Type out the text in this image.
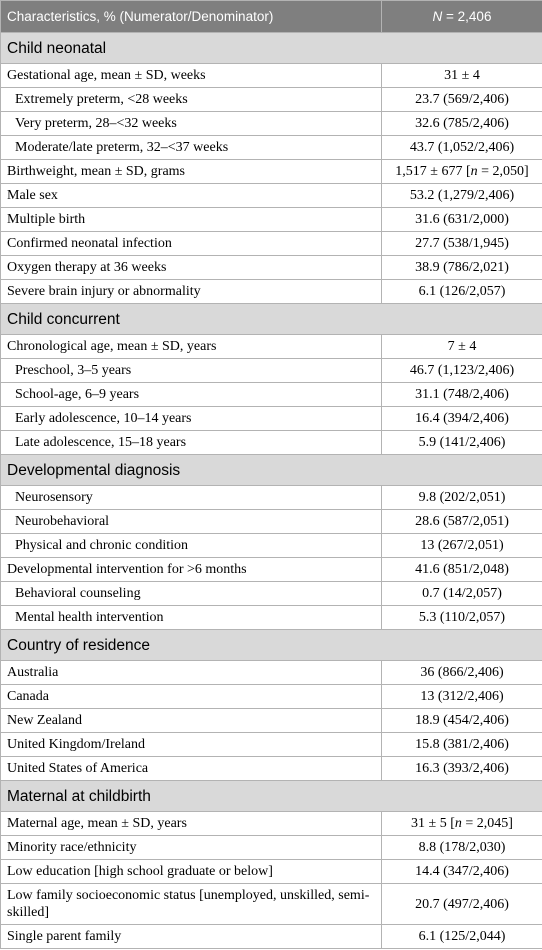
Characteristics, % (Numerator/Denominator)	N = 2,406
Child neonatal	
Gestational age, mean ± SD, weeks	31 ± 4
Extremely preterm, <28 weeks	23.7 (569/2,406)
Very preterm, 28–<32 weeks	32.6 (785/2,406)
Moderate/late preterm, 32–<37 weeks	43.7 (1,052/2,406)
Birthweight, mean ± SD, grams	1,517 ± 677 [n = 2,050]
Male sex	53.2 (1,279/2,406)
Multiple birth	31.6 (631/2,000)
Confirmed neonatal infection	27.7 (538/1,945)
Oxygen therapy at 36 weeks	38.9 (786/2,021)
Severe brain injury or abnormality	6.1 (126/2,057)
Child concurrent	
Chronological age, mean ± SD, years	7 ± 4
Preschool, 3–5 years	46.7 (1,123/2,406)
School-age, 6–9 years	31.1 (748/2,406)
Early adolescence, 10–14 years	16.4 (394/2,406)
Late adolescence, 15–18 years	5.9 (141/2,406)
Developmental diagnosis	
Neurosensory	9.8 (202/2,051)
Neurobehavioral	28.6 (587/2,051)
Physical and chronic condition	13 (267/2,051)
Developmental intervention for >6 months	41.6 (851/2,048)
Behavioral counseling	0.7 (14/2,057)
Mental health intervention	5.3 (110/2,057)
Country of residence	
Australia	36 (866/2,406)
Canada	13 (312/2,406)
New Zealand	18.9 (454/2,406)
United Kingdom/Ireland	15.8 (381/2,406)
United States of America	16.3 (393/2,406)
Maternal at childbirth	
Maternal age, mean ± SD, years	31 ± 5 [n = 2,045]
Minority race/ethnicity	8.8 (178/2,030)
Low education [high school graduate or below]	14.4 (347/2,406)
Low family socioeconomic status [unemployed, unskilled, semi-skilled]	20.7 (497/2,406)
Single parent family	6.1 (125/2,044)
